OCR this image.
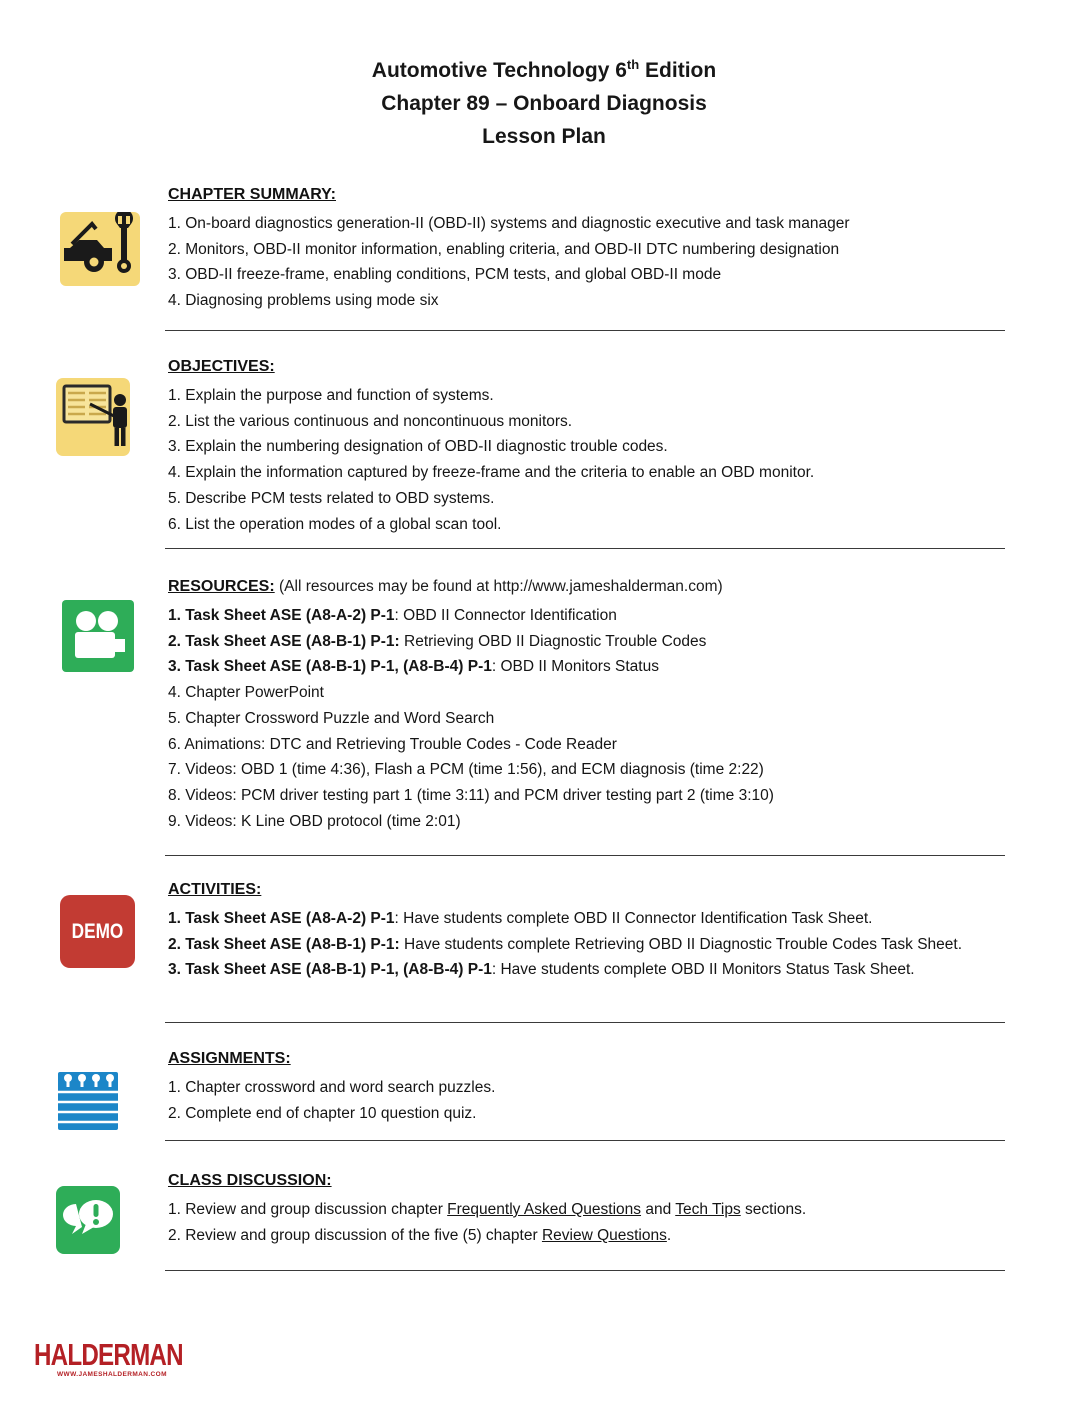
Automotive Technology 6th Edition
Chapter 89 – Onboard Diagnosis
Lesson Plan
CHAPTER SUMMARY:
1. On-board diagnostics generation-II (OBD-II) systems and diagnostic executive and task manager
2. Monitors, OBD-II monitor information, enabling criteria, and OBD-II DTC numbering designation
3. OBD-II freeze-frame, enabling conditions, PCM tests, and global OBD-II mode
4. Diagnosing problems using mode six
OBJECTIVES:
1. Explain the purpose and function of systems.
2. List the various continuous and noncontinuous monitors.
3. Explain the numbering designation of OBD-II diagnostic trouble codes.
4. Explain the information captured by freeze-frame and the criteria to enable an OBD monitor.
5. Describe PCM tests related to OBD systems.
6. List the operation modes of a global scan tool.
RESOURCES: (All resources may be found at http://www.jameshalderman.com)
1. Task Sheet ASE (A8-A-2) P-1: OBD II Connector Identification
2. Task Sheet ASE (A8-B-1) P-1: Retrieving OBD II Diagnostic Trouble Codes
3. Task Sheet ASE (A8-B-1) P-1, (A8-B-4) P-1: OBD II Monitors Status
4. Chapter PowerPoint
5. Chapter Crossword Puzzle and Word Search
6. Animations: DTC and Retrieving Trouble Codes - Code Reader
7. Videos: OBD 1 (time 4:36), Flash a PCM (time 1:56), and ECM diagnosis (time 2:22)
8. Videos: PCM driver testing part 1 (time 3:11) and PCM driver testing part 2 (time 3:10)
9. Videos: K Line OBD protocol (time 2:01)
DEMO
ACTIVITIES:
1. Task Sheet ASE (A8-A-2) P-1: Have students complete OBD II Connector Identification Task Sheet.
2. Task Sheet ASE (A8-B-1) P-1: Have students complete Retrieving OBD II Diagnostic Trouble Codes Task Sheet.
3. Task Sheet ASE (A8-B-1) P-1, (A8-B-4) P-1: Have students complete OBD II Monitors Status Task Sheet.
ASSIGNMENTS:
1. Chapter crossword and word search puzzles.
2. Complete end of chapter 10 question quiz.
CLASS DISCUSSION:
1. Review and group discussion chapter Frequently Asked Questions and Tech Tips sections.
2. Review and group discussion of the five (5) chapter Review Questions.
HALDERMAN
WWW.JAMESHALDERMAN.COM
